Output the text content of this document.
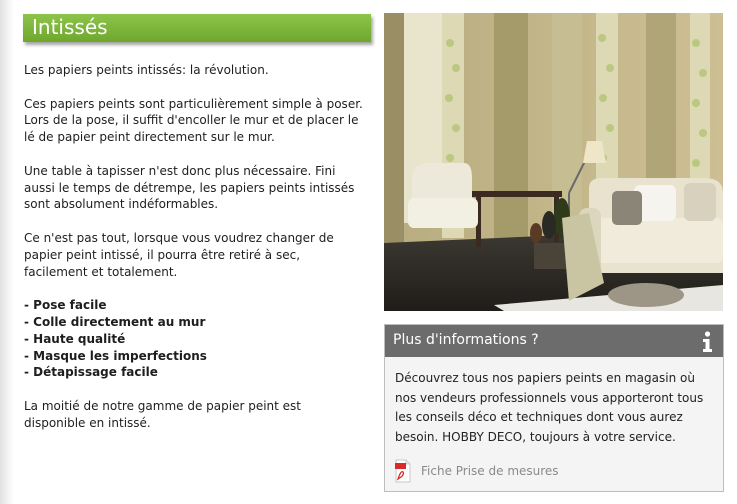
Intissés

Les papiers peints intissés: la révolution.

Ces papiers peints sont particulièrement simple à poser. Lors de la pose, il suffit d'encoller le mur et de placer le lé de papier peint directement sur le mur.

Une table à tapisser n'est donc plus nécessaire. Fini aussi le temps de détrempe, les papiers peints intissés sont absolument indéformables.

Ce n'est pas tout, lorsque vous voudrez changer de papier peint intissé, il pourra être retiré à sec, facilement et totalement.

- Pose facile
- Colle directement au mur
- Haute qualité
- Masque les imperfections
- Détapissage facile

La moitié de notre gamme de papier peint est disponible en intissé.

Plus d'informations ?
Découvrez tous nos papiers peints en magasin où nos vendeurs professionnels vous apporteront tous les conseils déco et techniques dont vous aurez besoin. HOBBY DECO, toujours à votre service.
Fiche Prise de mesures
